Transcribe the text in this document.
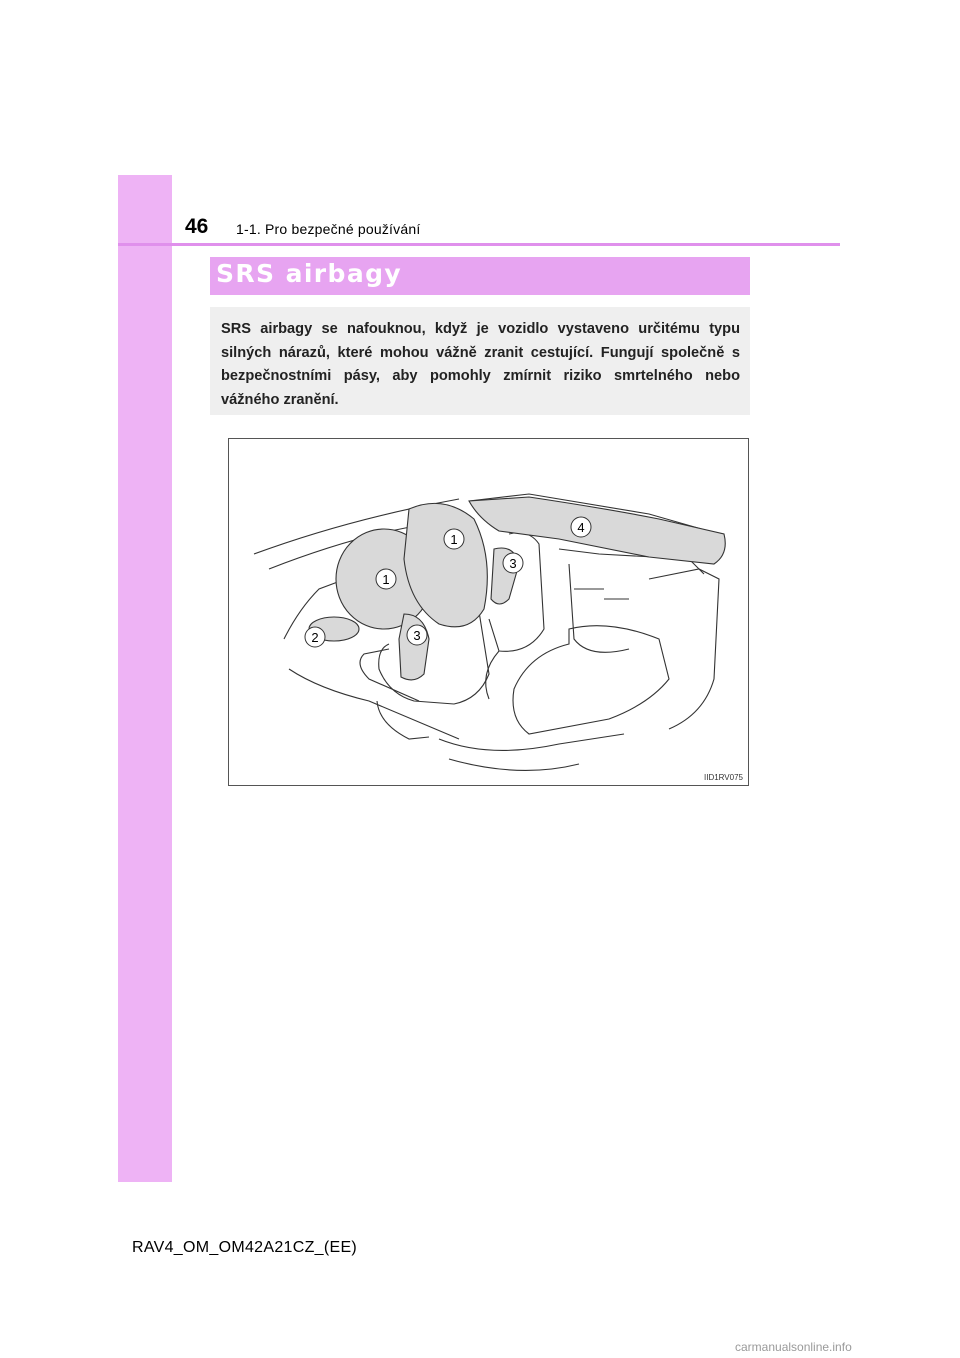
46 1-1. Pro bezpečné používání
SRS airbagy
SRS airbagy se nafouknou, když je vozidlo vystaveno určitému typu silných nárazů, které mohou vážně zranit cestující. Fungují společně s bezpečnostními pásy, aby pomohly zmírnit riziko smrtelného nebo vážného zranění.
1
1
2	3
3
4
IID1RV075
RAV4_OM_OM42A21CZ_(EE)
carmanualsonline.info
